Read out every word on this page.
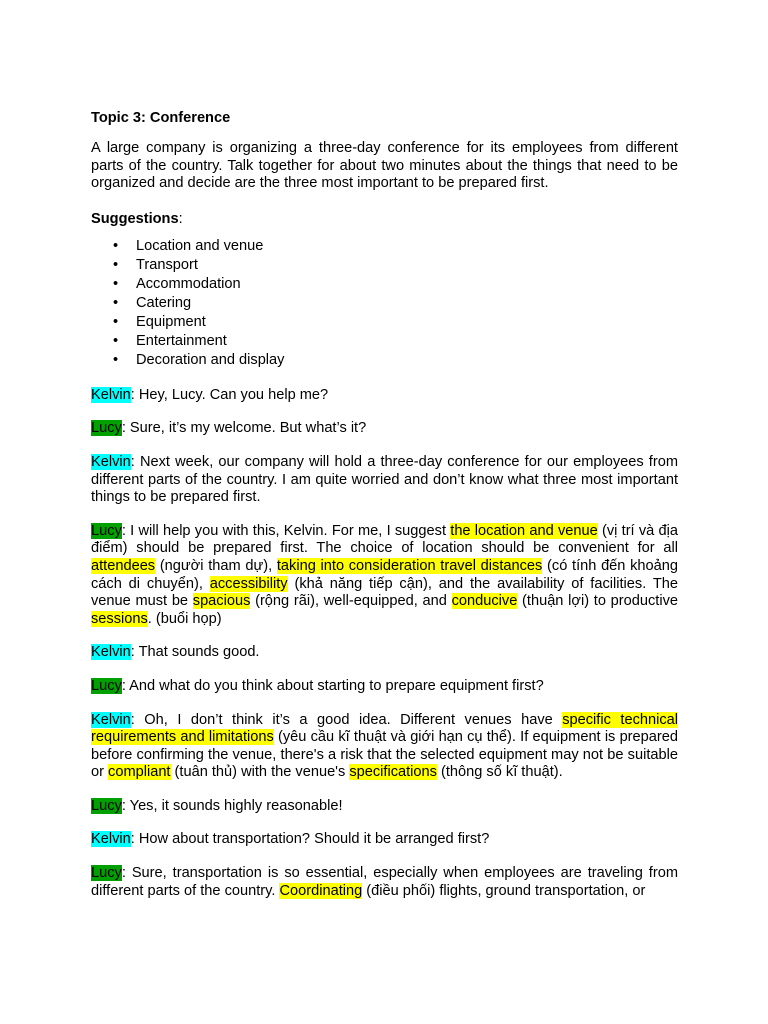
Topic 3: Conference

A large company is organizing a three-day conference for its employees from different parts of the country. Talk together for about two minutes about the things that need to be organized and decide are the three most important to be prepared first.

Suggestions:

• Location and venue
• Transport
• Accommodation
• Catering
• Equipment
• Entertainment
• Decoration and display

Kelvin: Hey, Lucy. Can you help me?

Lucy: Sure, it’s my welcome. But what’s it?

Kelvin: Next week, our company will hold a three-day conference for our employees from different parts of the country. I am quite worried and don’t know what three most important things to be prepared first.

Lucy: I will help you with this, Kelvin. For me, I suggest the location and venue (vị trí và địa điểm) should be prepared first. The choice of location should be convenient for all attendees (người tham dự), taking into consideration travel distances (có tính đến khoảng cách di chuyển), accessibility (khả năng tiếp cận), and the availability of facilities. The venue must be spacious (rộng rãi), well-equipped, and conducive (thuận lợi) to productive sessions. (buổi họp)

Kelvin: That sounds good.

Lucy: And what do you think about starting to prepare equipment first?

Kelvin: Oh, I don’t think it’s a good idea. Different venues have specific technical requirements and limitations (yêu cầu kĩ thuật và giới hạn cụ thể). If equipment is prepared before confirming the venue, there's a risk that the selected equipment may not be suitable or compliant (tuân thủ) with the venue's specifications (thông số kĩ thuật).

Lucy: Yes, it sounds highly reasonable!

Kelvin: How about transportation? Should it be arranged first?

Lucy: Sure, transportation is so essential, especially when employees are traveling from different parts of the country. Coordinating (điều phối) flights, ground transportation, or
